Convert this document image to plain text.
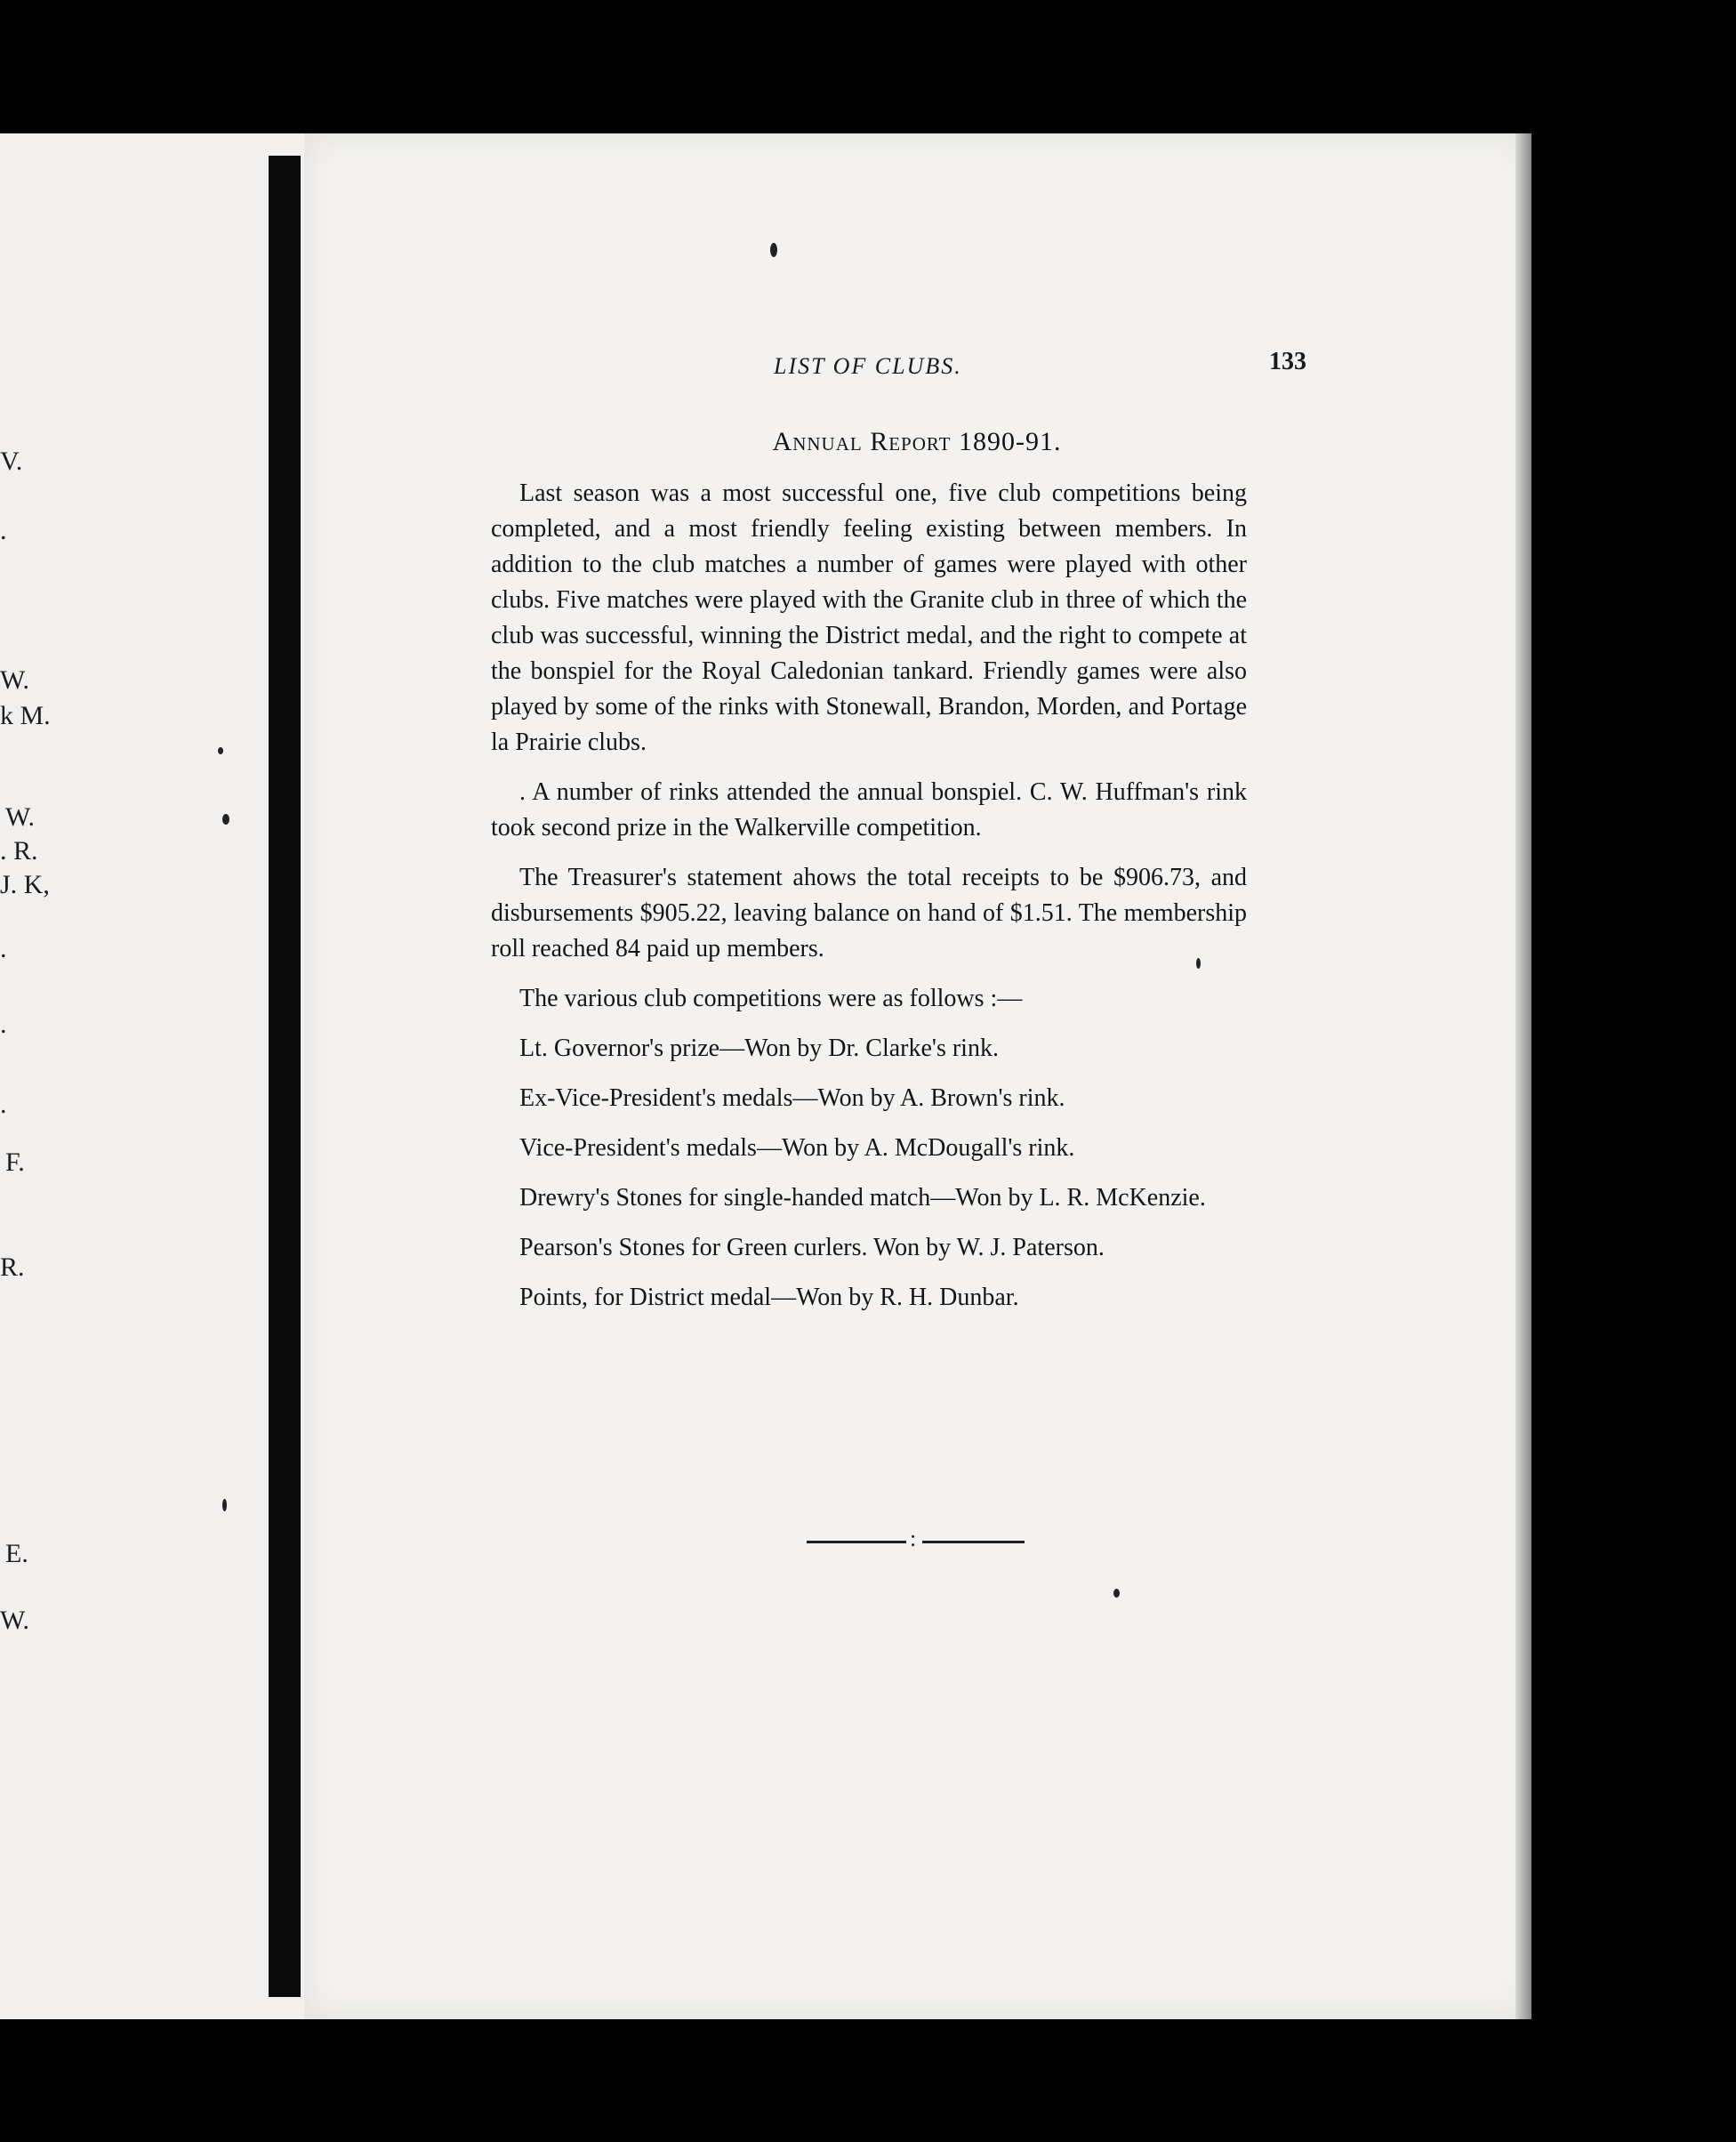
V.
.
W.
k M.
W.
. R.
J. K,
.
.
.
F.
R.
E.
W.
LIST OF CLUBS.	133
Annual Report 1890-91.

Last season was a most successful one, five club competitions being completed, and a most friendly feeling existing between members. In addition to the club matches a number of games were played with other clubs. Five matches were played with the Granite club in three of which the club was successful, winning the District medal, and the right to compete at the bonspiel for the Royal Caledonian tankard. Friendly games were also played by some of the rinks with Stonewall, Brandon, Morden, and Portage la Prairie clubs.

. A number of rinks attended the annual bonspiel. C. W. Huffman's rink took second prize in the Walkerville competition.

The Treasurer's statement ahows the total receipts to be $906.73, and disbursements $905.22, leaving balance on hand of $1.51. The membership roll reached 84 paid up members.

The various club competitions were as follows :—

Lt. Governor's prize—Won by Dr. Clarke's rink.

Ex-Vice-President's medals—Won by A. Brown's rink.

Vice-President's medals—Won by A. McDougall's rink.

Drewry's Stones for single-handed match—Won by L. R. McKenzie.

Pearson's Stones for Green curlers. Won by W. J. Paterson.

Points, for District medal—Won by R. H. Dunbar.

:
